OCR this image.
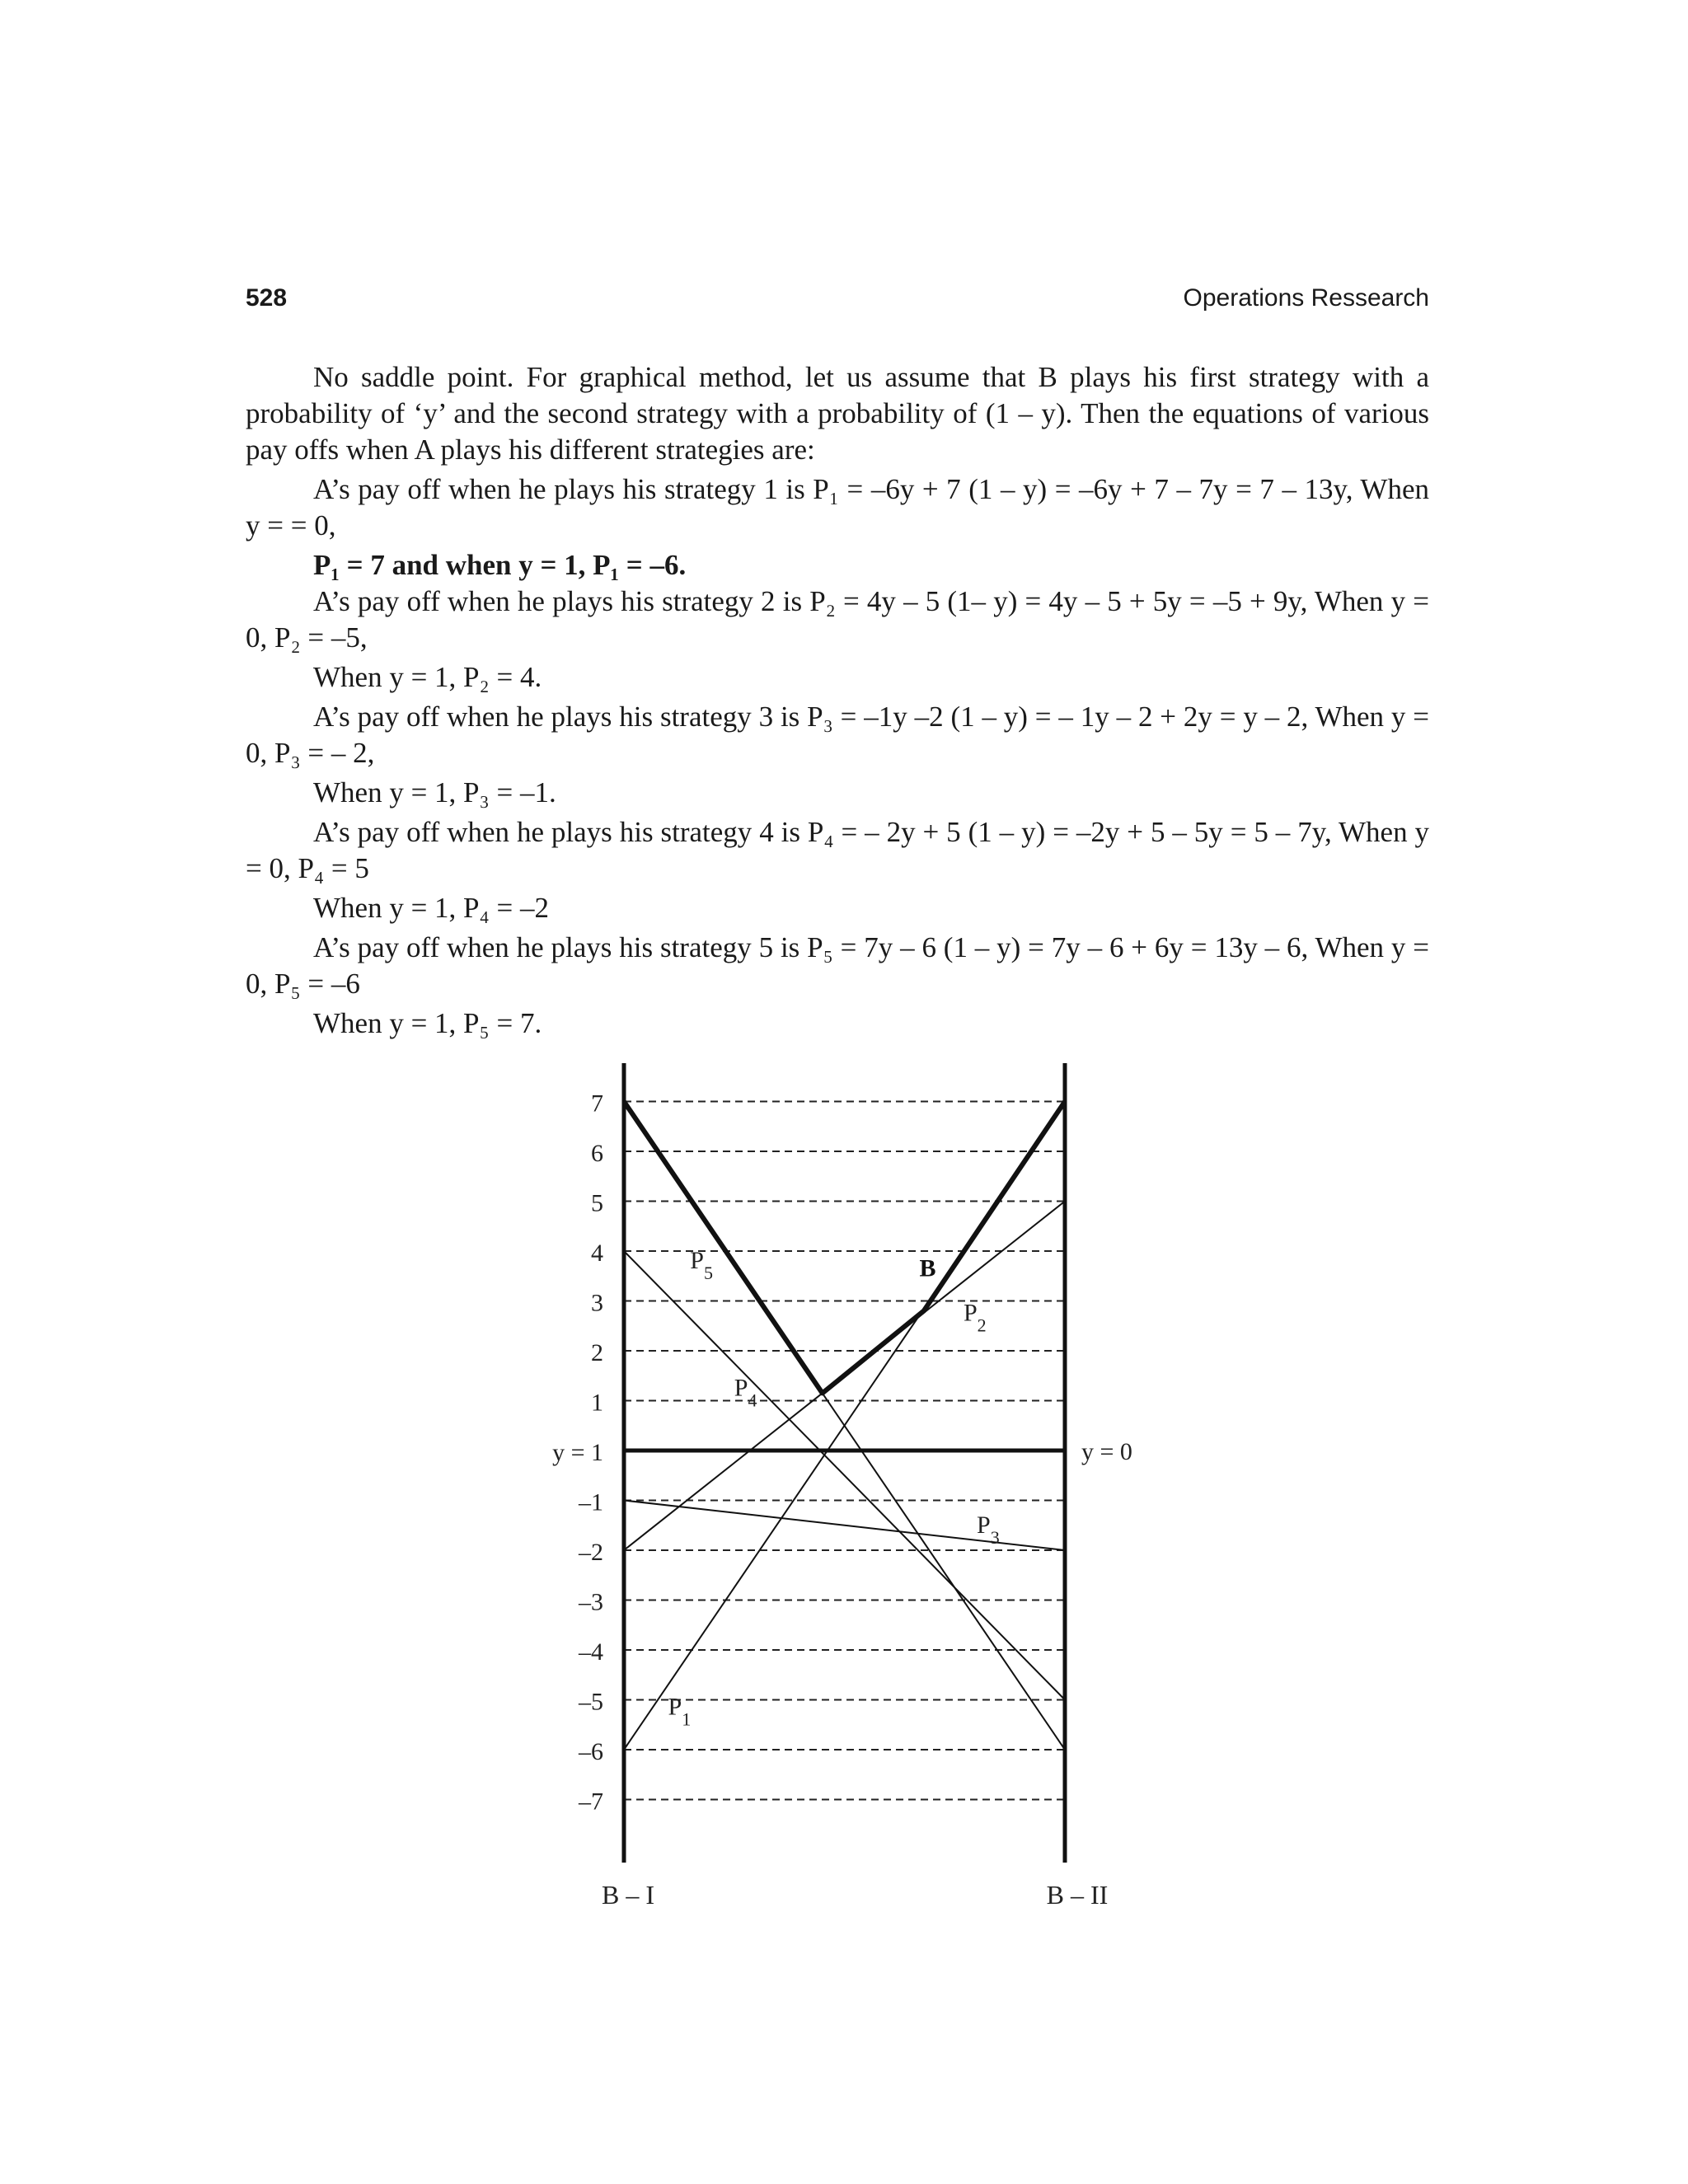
528	Operations Ressearch

No saddle point. For graphical method, let us assume that B plays his first strategy with a probability of ‘y’ and the second strategy with a probability of (1 – y). Then the equations of various pay offs when A plays his different strategies are:

A’s pay off when he plays his strategy 1 is P₁ = –6y + 7 (1 – y) = –6y + 7 – 7y = 7 – 13y, When y = = 0,

P₁ = 7 and when y = 1, P₁ = –6.

A’s pay off when he plays his strategy 2 is P₂ = 4y – 5 (1– y) = 4y – 5 + 5y = –5 + 9y, When y = 0, P₂ = –5,

When y = 1, P₂ = 4.

A’s pay off when he plays his strategy 3 is P₃ = –1y –2 (1 – y) = – 1y – 2 + 2y = y – 2, When y = 0, P₃ = – 2,

When y = 1, P₃ = –1.

A’s pay off when he plays his strategy 4 is P₄ = – 2y + 5 (1 – y) = –2y + 5 – 5y = 5 – 7y, When y = 0, P₄ = 5

When y = 1, P₄ = –2

A’s pay off when he plays his strategy 5 is P₅ = 7y – 6 (1 – y) = 7y – 6 + 6y = 13y – 6, When y = 0, P₅ = –6

When y = 1, P₅ = 7.

7
6
5
4
3
2
1
y = 1
–1
–2
–3
–4
–5
–6
–7
y = 0
B – I	B – II
$P_1$
$P_2$
$P_3$
$P_4$
$P_5$	B
